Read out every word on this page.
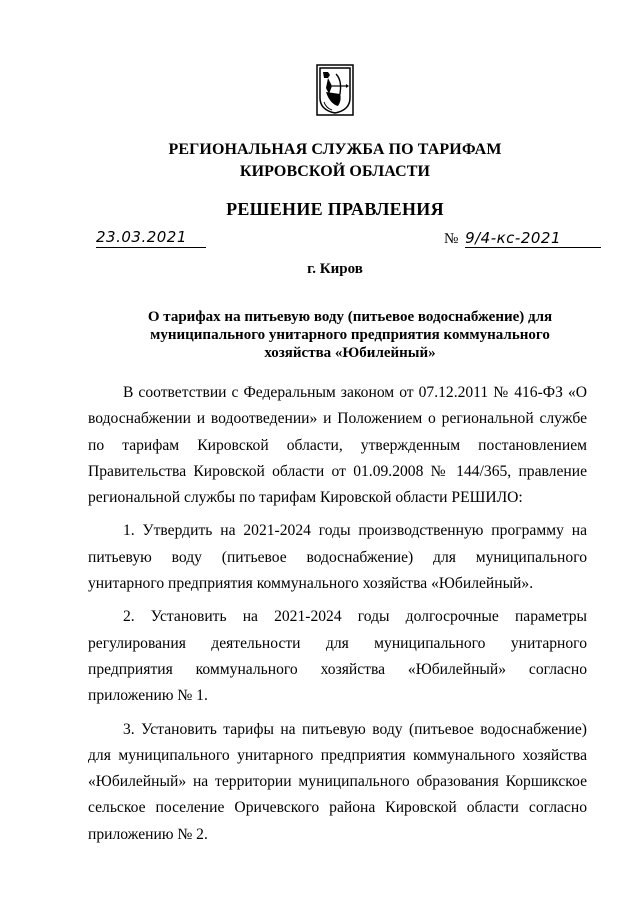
РЕГИОНАЛЬНАЯ СЛУЖБА ПО ТАРИФАМ
КИРОВСКОЙ ОБЛАСТИ
РЕШЕНИЕ ПРАВЛЕНИЯ
23.03.2021	№ 9/4-кс-2021
г. Киров
О тарифах на питьевую воду (питьевое водоснабжение) для
муниципального унитарного предприятия коммунального
хозяйства «Юбилейный»

В соответствии с Федеральным законом от 07.12.2011 № 416-ФЗ «О водоснабжении и водоотведении» и Положением о региональной службе по тарифам Кировской области, утвержденным постановлением Правительства Кировской области от 01.09.2008 № 144/365, правление региональной службы по тарифам Кировской области РЕШИЛО:

1. Утвердить на 2021-2024 годы производственную программу на питьевую воду (питьевое водоснабжение) для муниципального унитарного предприятия коммунального хозяйства «Юбилейный».

2. Установить на 2021-2024 годы долгосрочные параметры регулирования деятельности для муниципального унитарного предприятия коммунального хозяйства «Юбилейный» согласно приложению № 1.

3. Установить тарифы на питьевую воду (питьевое водоснабжение) для муниципального унитарного предприятия коммунального хозяйства «Юбилейный» на территории муниципального образования Коршикское сельское поселение Оричевского района Кировской области согласно приложению № 2.
